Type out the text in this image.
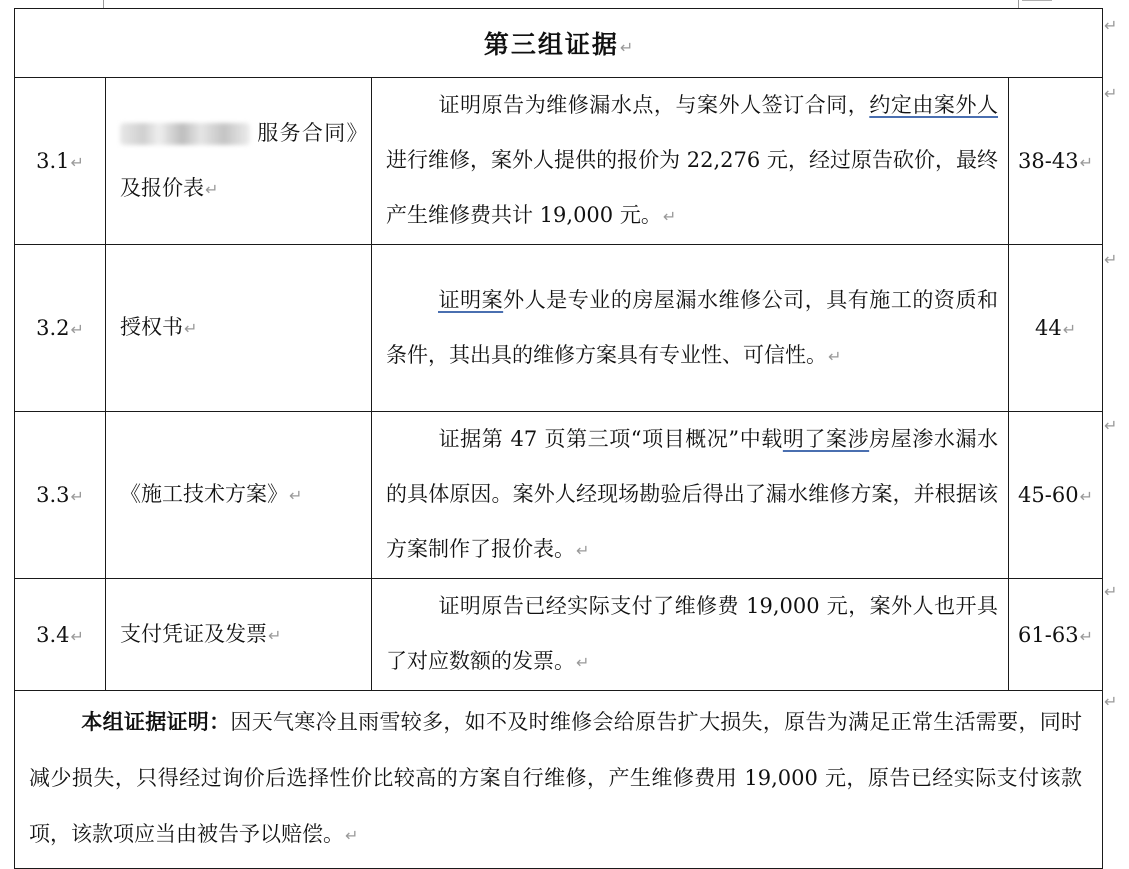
第三组证据↵			
3.1↵	服务合同》及报价表↵	证明原告为维修漏水点，与案外人签订合同，约定由案外人进行维修，案外人提供的报价为 22,276 元，经过原告砍价，最终产生维修费共计 19,000 元。↵	38-43↵
3.2↵	授权书↵	证明案外人是专业的房屋漏水维修公司，具有施工的资质和条件，其出具的维修方案具有专业性、可信性。↵	44↵
3.3↵	《施工技术方案》↵	证据第 47 页第三项“项目概况”中载明了案涉房屋渗水漏水的具体原因。案外人经现场勘验后得出了漏水维修方案，并根据该方案制作了报价表。↵	45-60↵
3.4↵	支付凭证及发票↵	证明原告已经实际支付了维修费 19,000 元，案外人也开具了对应数额的发票。↵	61-63↵
本组证据证明：因天气寒冷且雨雪较多，如不及时维修会给原告扩大损失，原告为满足正常生活需要，同时减少损失，只得经过询价后选择性价比较高的方案自行维修，产生维修费用 19,000 元，原告已经实际支付该款项，该款项应当由被告予以赔偿。↵			
↵
↵
↵
↵
↵
↵
